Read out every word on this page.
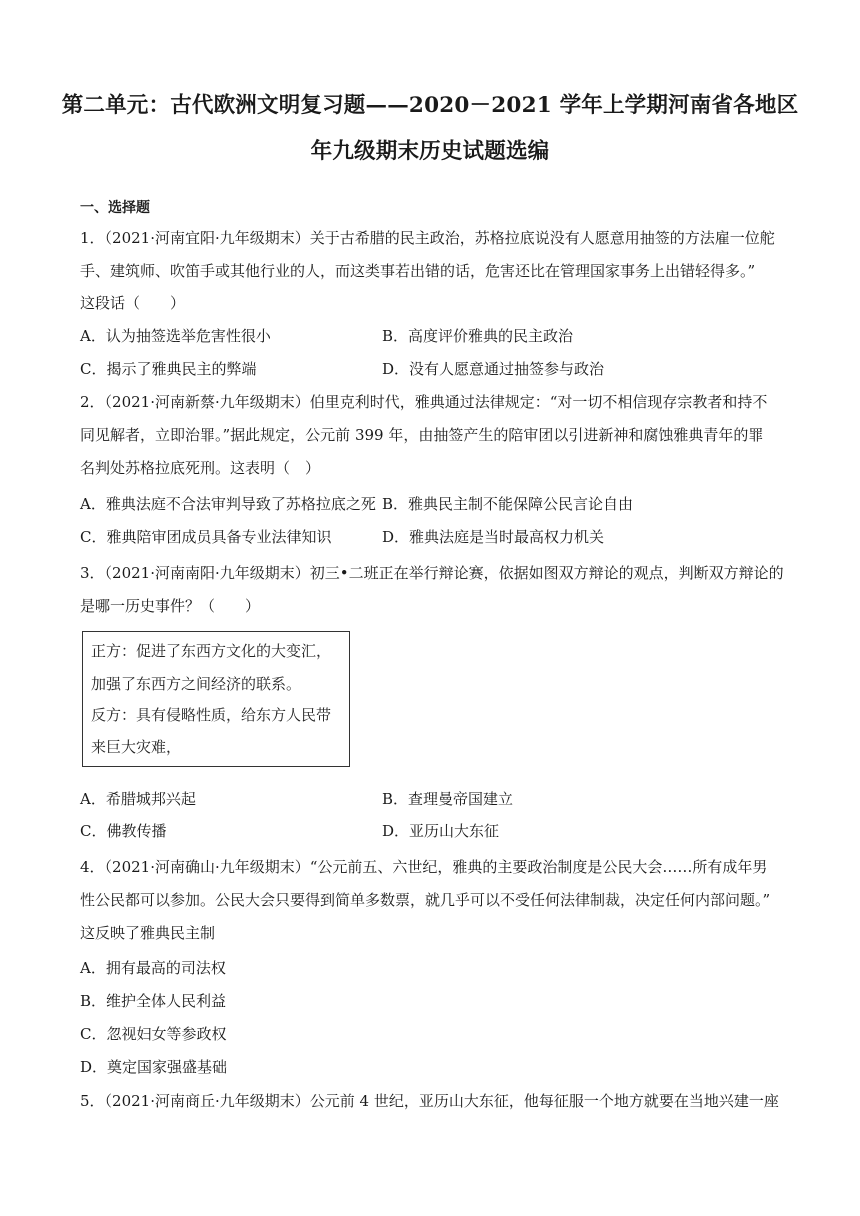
第二单元：古代欧洲文明复习题——2020－2021 学年上学期河南省各地区
年九级期末历史试题选编
一、选择题
1．（2021·河南宜阳·九年级期末）关于古希腊的民主政治，苏格拉底说没有人愿意用抽签的方法雇一位舵
手、建筑师、吹笛手或其他行业的人，而这类事若出错的话，危害还比在管理国家事务上出错轻得多。”
这段话（　　）
A．认为抽签选举危害性很小	B．高度评价雅典的民主政治
C．揭示了雅典民主的弊端	D．没有人愿意通过抽签参与政治
2．（2021·河南新蔡·九年级期末）伯里克利时代，雅典通过法律规定：“对一切不相信现存宗教者和持不
同见解者，立即治罪。”据此规定，公元前 399 年，由抽签产生的陪审团以引进新神和腐蚀雅典青年的罪
名判处苏格拉底死刑。这表明（　）
A．雅典法庭不合法审判导致了苏格拉底之死 B．雅典民主制不能保障公民言论自由
C．雅典陪审团成员具备专业法律知识	D．雅典法庭是当时最高权力机关
3．（2021·河南南阳·九年级期末）初三•二班正在举行辩论赛，依据如图双方辩论的观点，判断双方辩论的
是哪一历史事件？（　　）
正方：促进了东西方文化的大变汇，
加强了东西方之间经济的联系。
反方：具有侵略性质，给东方人民带
来巨大灾难，
A．希腊城邦兴起	B．查理曼帝国建立
C．佛教传播	D．亚历山大东征
4．（2021·河南确山·九年级期末）“公元前五、六世纪，雅典的主要政治制度是公民大会……所有成年男
性公民都可以参加。公民大会只要得到简单多数票，就几乎可以不受任何法律制裁，决定任何内部问题。”
这反映了雅典民主制
A．拥有最高的司法权
B．维护全体人民利益
C．忽视妇女等参政权
D．奠定国家强盛基础
5．（2021·河南商丘·九年级期末）公元前 4 世纪，亚历山大东征，他每征服一个地方就要在当地兴建一座
